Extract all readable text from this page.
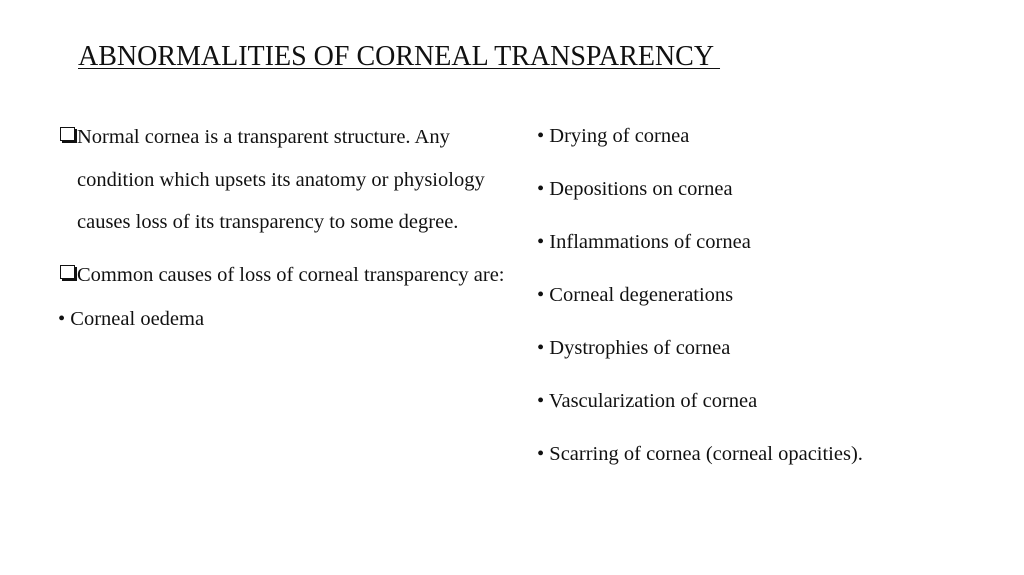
ABNORMALITIES OF CORNEAL TRANSPARENCY
Normal cornea is a transparent structure. Any condition which upsets its anatomy or physiology causes loss of its transparency to some degree.
Common causes of loss of corneal transparency are:
• Corneal oedema
• Drying of cornea
• Depositions on cornea
• Inflammations of cornea
• Corneal degenerations
• Dystrophies of cornea
• Vascularization of cornea
• Scarring of cornea (corneal opacities).
